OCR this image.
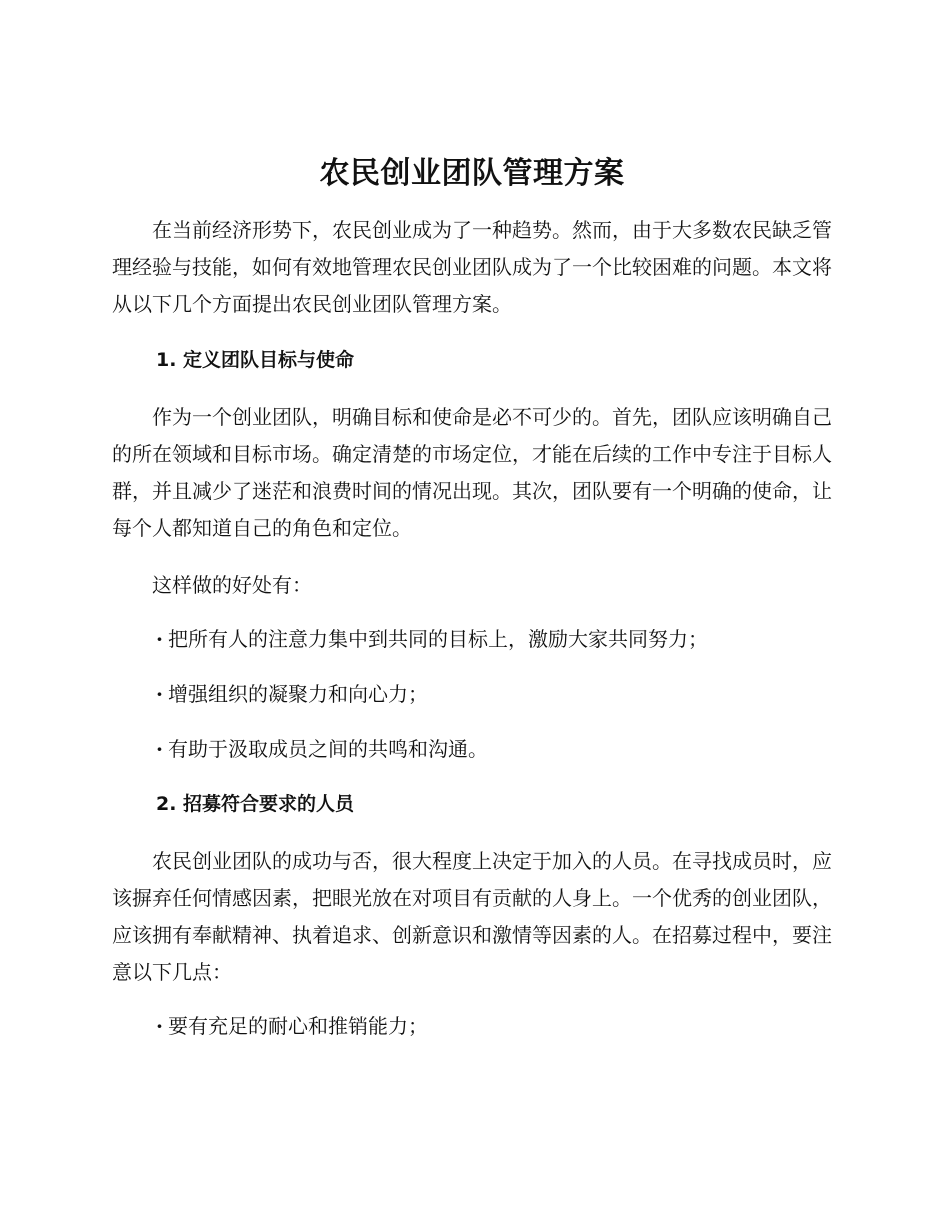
农民创业团队管理方案

在当前经济形势下，农民创业成为了一种趋势。然而，由于大多数农民缺乏管理经验与技能，如何有效地管理农民创业团队成为了一个比较困难的问题。本文将从以下几个方面提出农民创业团队管理方案。

1. 定义团队目标与使命

作为一个创业团队，明确目标和使命是必不可少的。首先，团队应该明确自己的所在领域和目标市场。确定清楚的市场定位，才能在后续的工作中专注于目标人群，并且减少了迷茫和浪费时间的情况出现。其次，团队要有一个明确的使命，让每个人都知道自己的角色和定位。

这样做的好处有：

· 把所有人的注意力集中到共同的目标上，激励大家共同努力；
· 增强组织的凝聚力和向心力；
· 有助于汲取成员之间的共鸣和沟通。
2. 招募符合要求的人员

农民创业团队的成功与否，很大程度上决定于加入的人员。在寻找成员时，应该摒弃任何情感因素，把眼光放在对项目有贡献的人身上。一个优秀的创业团队，应该拥有奉献精神、执着追求、创新意识和激情等因素的人。在招募过程中，要注意以下几点：

· 要有充足的耐心和推销能力；
